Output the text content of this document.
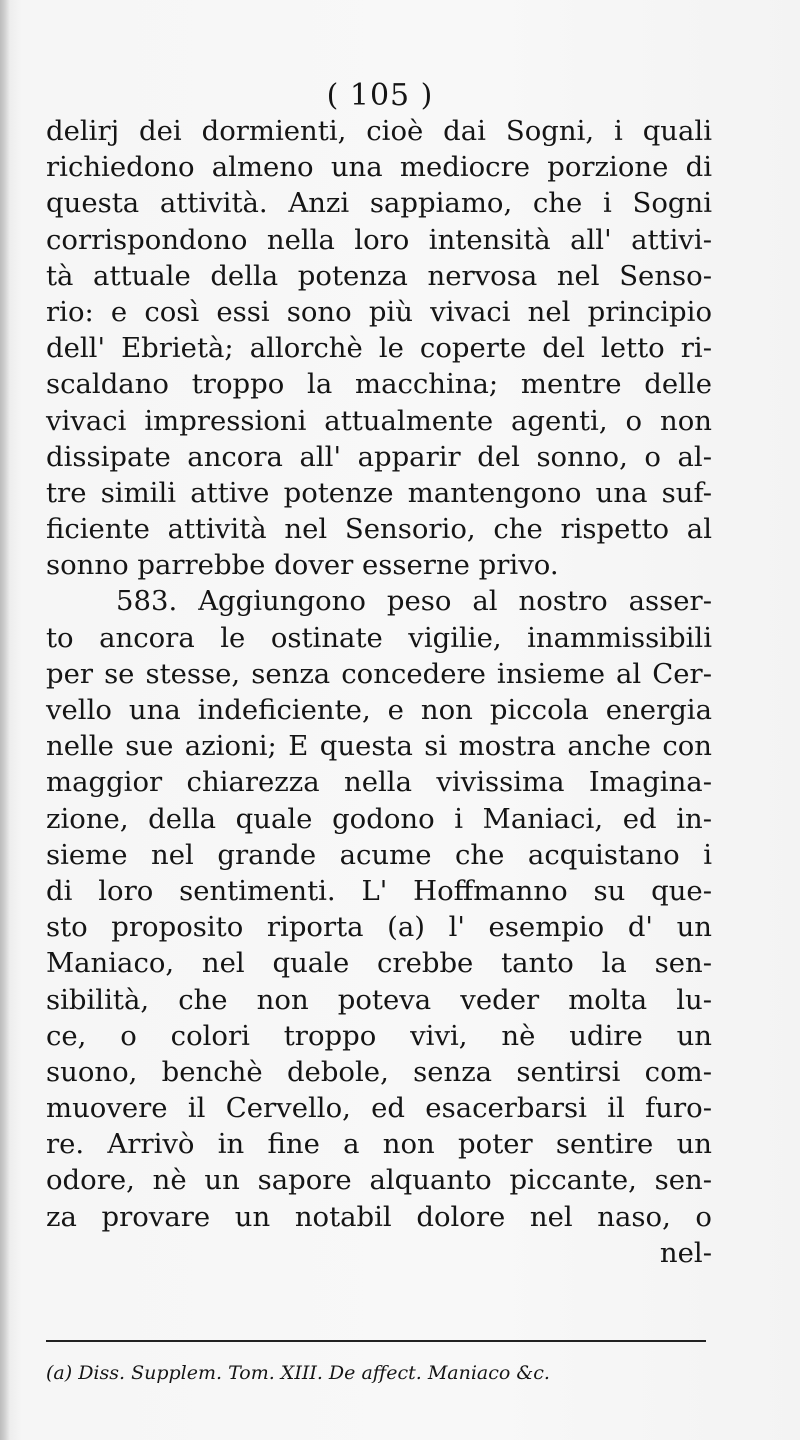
( 105 )
delirj dei dormienti, cioè dai Sogni, i quali
richiedono almeno una mediocre porzione di
questa attività. Anzi sappiamo, che i Sogni
corrispondono nella loro intensità all' attivi-
tà attuale della potenza nervosa nel Senso-
rio: e così essi sono più vivaci nel principio
dell' Ebrietà; allorchè le coperte del letto ri-
scaldano troppo la macchina; mentre delle
vivaci impressioni attualmente agenti, o non
dissipate ancora all' apparir del sonno, o al-
tre simili attive potenze mantengono una suf-
ficiente attività nel Sensorio, che rispetto al
sonno parrebbe dover esserne privo.
583. Aggiungono peso al nostro asser-
to ancora le ostinate vigilie, inammissibili
per se stesse, senza concedere insieme al Cer-
vello una indeficiente, e non piccola energia
nelle sue azioni; E questa si mostra anche con
maggior chiarezza nella vivissima Imagina-
zione, della quale godono i Maniaci, ed in-
sieme nel grande acume che acquistano i
di loro sentimenti. L' Hoffmanno su que-
sto proposito riporta (a) l' esempio d' un
Maniaco, nel quale crebbe tanto la sen-
sibilità, che non poteva veder molta lu-
ce, o colori troppo vivi, nè udire un
suono, benchè debole, senza sentirsi com-
muovere il Cervello, ed esacerbarsi il furo-
re. Arrivò in fine a non poter sentire un
odore, nè un sapore alquanto piccante, sen-
za provare un notabil dolore nel naso, o
nel-
(a) Diss. Supplem. Tom. XIII. De affect. Maniaco &c.
